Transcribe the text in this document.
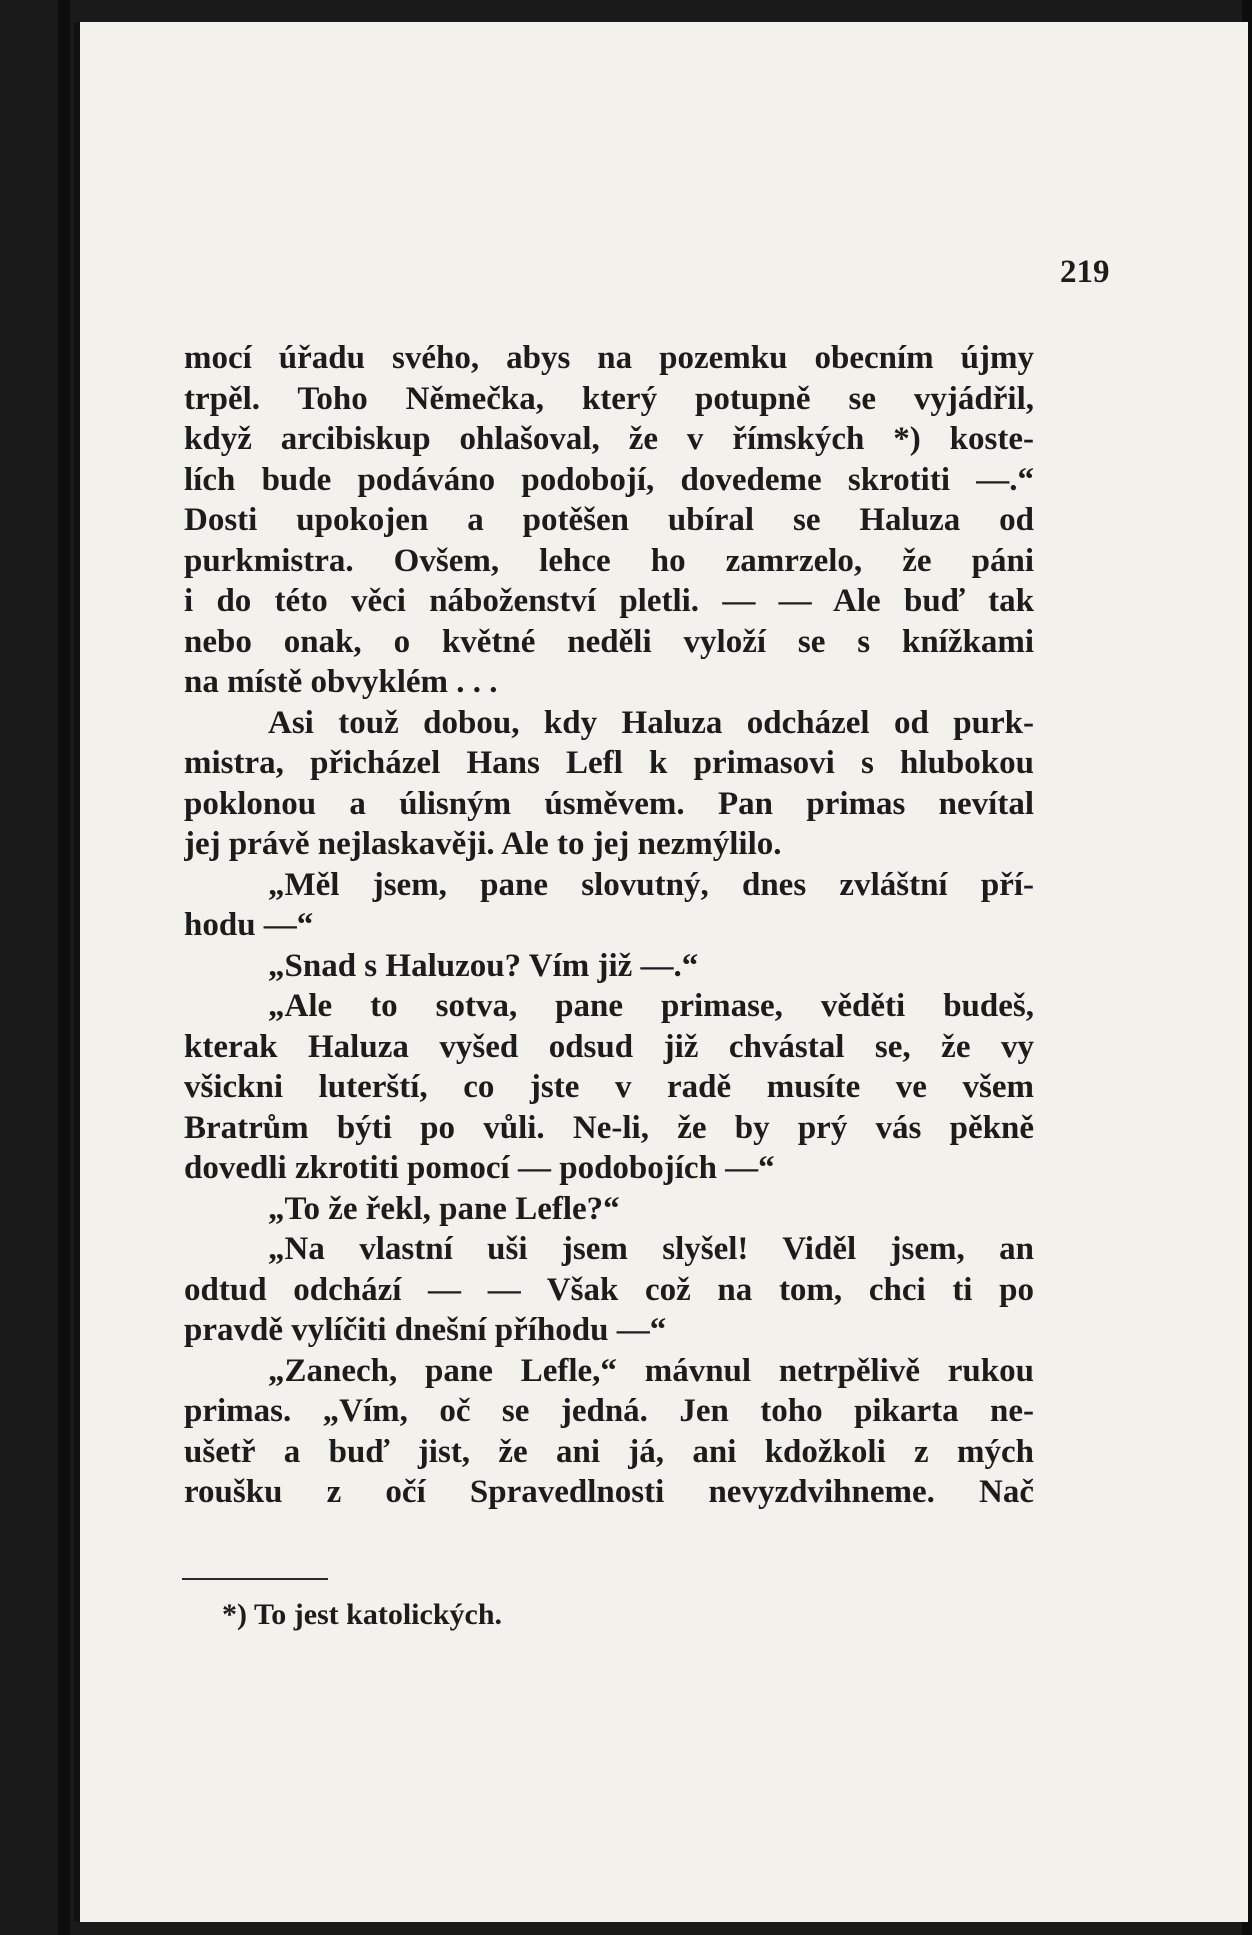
219
mocí úřadu svého, abys na pozemku obecním újmy
trpěl. Toho Němečka, který potupně se vyjádřil,
když arcibiskup ohlašoval, že v římských *) koste-
lích bude podáváno podobojí, dovedeme skrotiti —.“
Dosti upokojen a potěšen ubíral se Haluza od
purkmistra. Ovšem, lehce ho zamrzelo, že páni
i do této věci náboženství pletli. — — Ale buď tak
nebo onak, o květné neděli vyloží se s knížkami
na místě obvyklém . . .
Asi touž dobou, kdy Haluza odcházel od purk-
mistra, přicházel Hans Lefl k primasovi s hlubokou
poklonou a úlisným úsměvem. Pan primas nevítal
jej právě nejlaskavěji. Ale to jej nezmýlilo.
„Měl jsem, pane slovutný, dnes zvláštní pří-
hodu —“
„Snad s Haluzou? Vím již —.“
„Ale to sotva, pane primase, věděti budeš,
kterak Haluza vyšed odsud již chvástal se, že vy
všickni luterští, co jste v radě musíte ve všem
Bratrům býti po vůli. Ne-li, že by prý vás pěkně
dovedli zkrotiti pomocí — podobojích —“
„To že řekl, pane Lefle?“
„Na vlastní uši jsem slyšel! Viděl jsem, an
odtud odchází — — Však což na tom, chci ti po
pravdě vylíčiti dnešní příhodu —“
„Zanech, pane Lefle,“ mávnul netrpělivě rukou
primas. „Vím, oč se jedná. Jen toho pikarta ne-
ušetř a buď jist, že ani já, ani kdožkoli z mých
roušku z očí Spravedlnosti nevyzdvihneme. Nač
*) To jest katolických.
